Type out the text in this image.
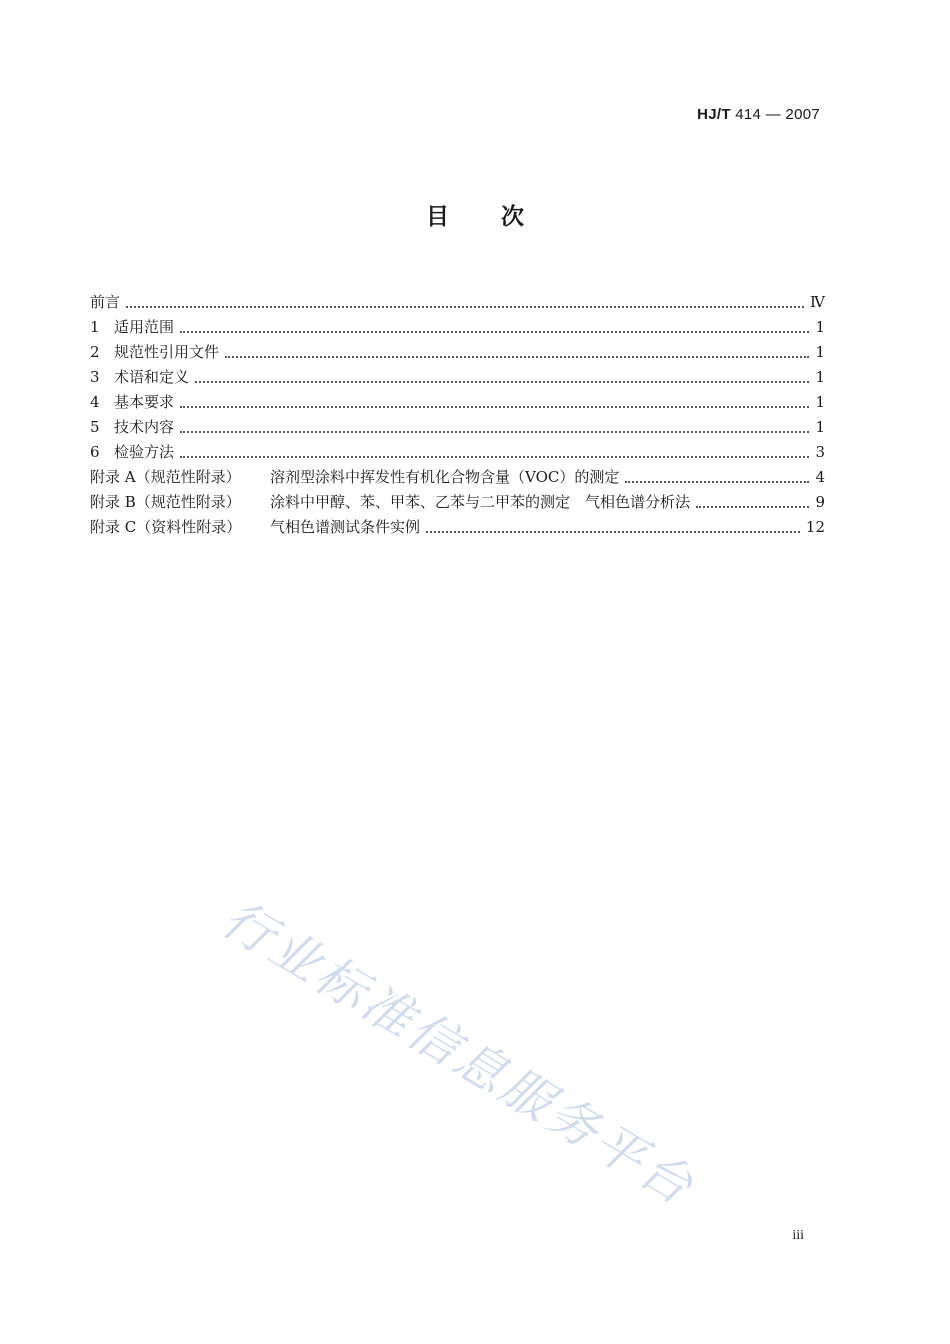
HJ/T 414 — 2007
目 次
前言	Ⅳ
1 适用范围	1
2 规范性引用文件	1
3 术语和定义	1
4 基本要求	1
5 技术内容	1
6 检验方法	3
附录 A（规范性附录）	溶剂型涂料中挥发性有机化合物含量（VOC）的测定	4
附录 B（规范性附录）	涂料中甲醇、苯、甲苯、乙苯与二甲苯的测定　气相色谱分析法	9
附录 C（资料性附录）	气相色谱测试条件实例	12
iii
行业标准信息服务平台
